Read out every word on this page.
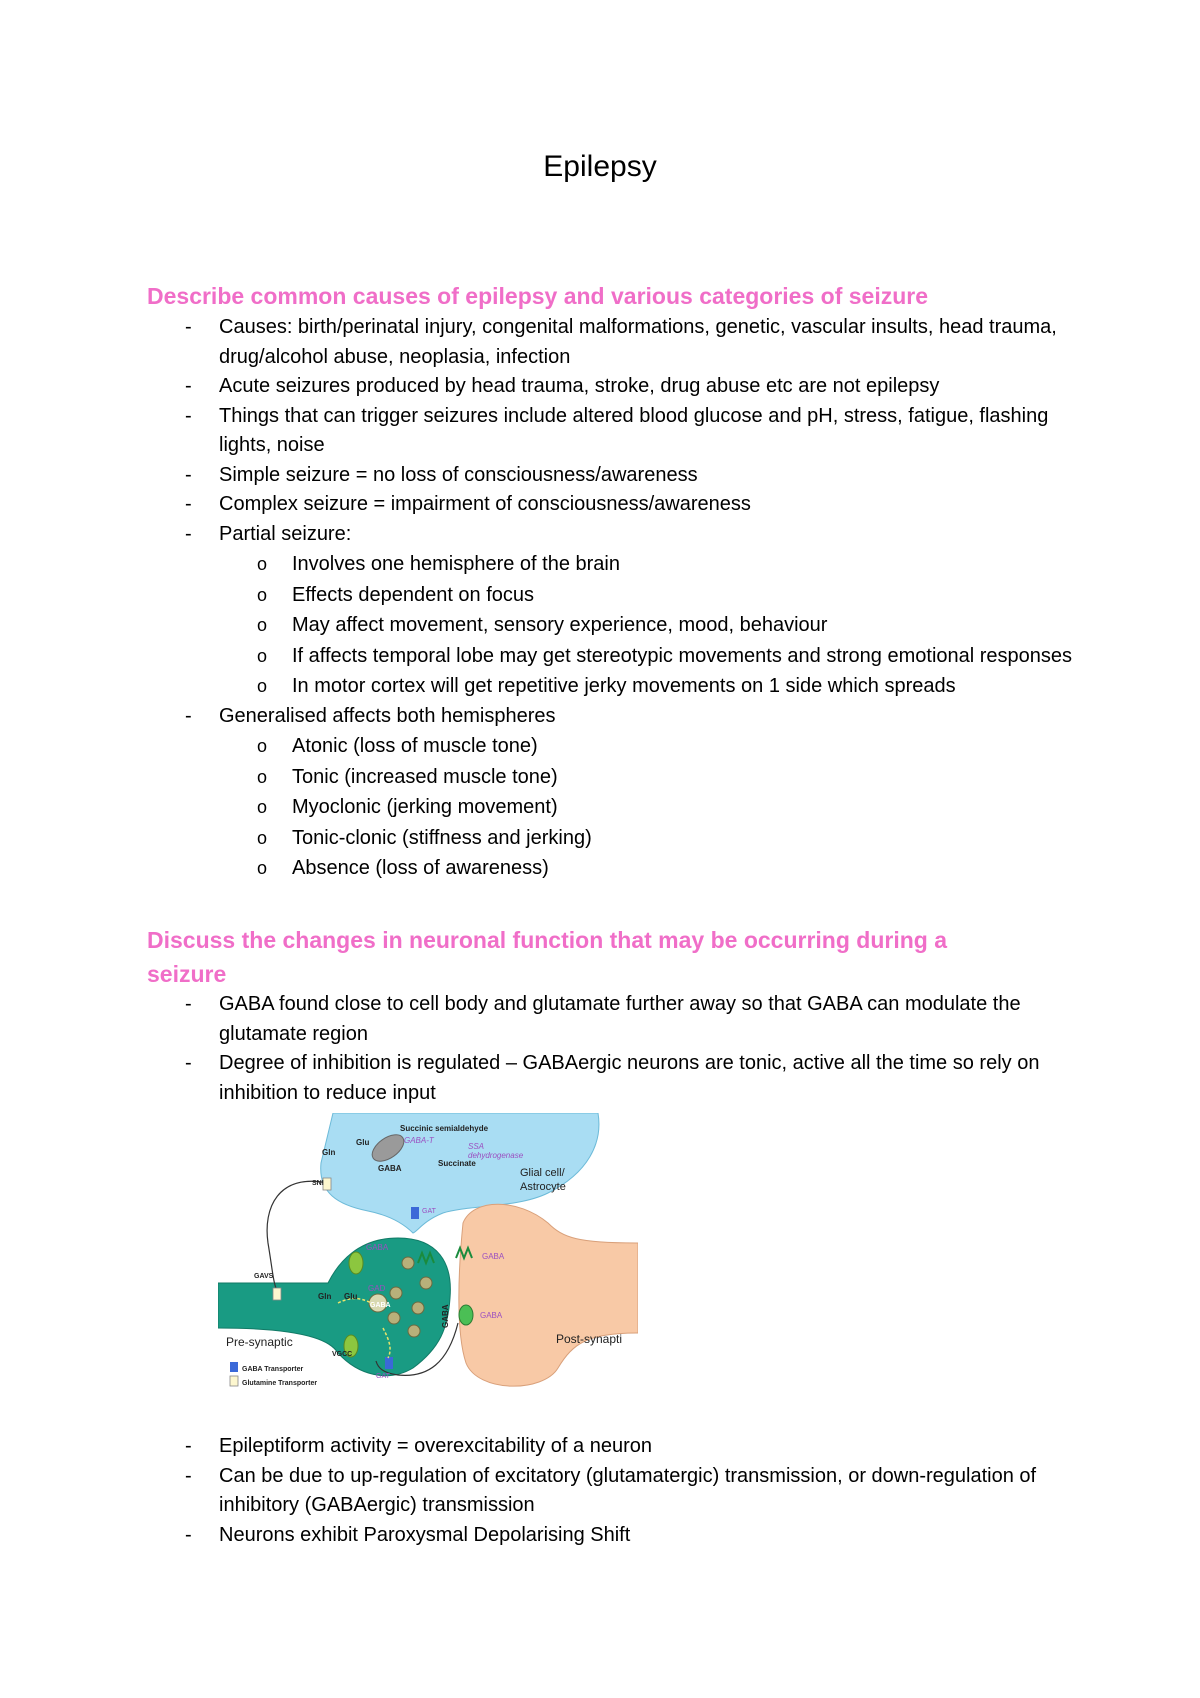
Epilepsy
Describe common causes of epilepsy and various categories of seizure
- Causes: birth/perinatal injury, congenital malformations, genetic, vascular insults, head trauma, drug/alcohol abuse, neoplasia, infection
- Acute seizures produced by head trauma, stroke, drug abuse etc are not epilepsy
- Things that can trigger seizures include altered blood glucose and pH, stress, fatigue, flashing lights, noise
- Simple seizure = no loss of consciousness/awareness
- Complex seizure = impairment of consciousness/awareness
- Partial seizure:
o Involves one hemisphere of the brain
o Effects dependent on focus
o May affect movement, sensory experience, mood, behaviour
o If affects temporal lobe may get stereotypic movements and strong emotional responses
o In motor cortex will get repetitive jerky movements on 1 side which spreads
- Generalised affects both hemispheres
o Atonic (loss of muscle tone)
o Tonic (increased muscle tone)
o Myoclonic (jerking movement)
o Tonic-clonic (stiffness and jerking)
o Absence (loss of awareness)
Discuss the changes in neuronal function that may be occurring during a seizure
- GABA found close to cell body and glutamate further away so that GABA can modulate the glutamate region
- Degree of inhibition is regulated – GABAergic neurons are tonic, active all the time so rely on inhibition to reduce input
Succinic semialdehyde
GABA-T
SSA
dehydrogenase
Succinate
Glu
Gln
GABA	Glial cell/
Astrocyte
SNI
GAT
GABA
GABA
GABA	GABA
GAD
Gln Glu
GABA
GAT
VGCC
GAVS
Pre-synaptic	Post-synapti
GABA Transporter
Glutamine Transporter
- Epileptiform activity = overexcitability of a neuron
- Can be due to up-regulation of excitatory (glutamatergic) transmission, or down-regulation of inhibitory (GABAergic) transmission
- Neurons exhibit Paroxysmal Depolarising Shift
